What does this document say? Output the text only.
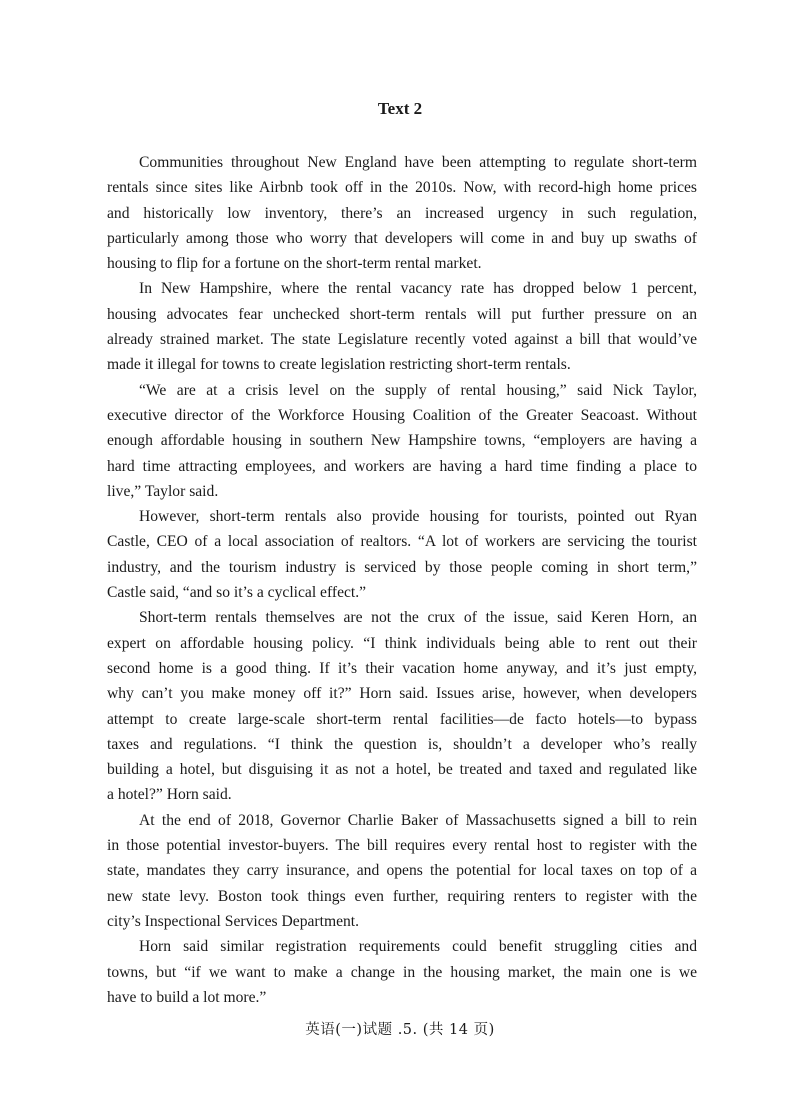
Text 2
Communities throughout New England have been attempting to regulate short-term
rentals since sites like Airbnb took off in the 2010s. Now, with record-high home prices
and historically low inventory, there’s an increased urgency in such regulation,
particularly among those who worry that developers will come in and buy up swaths of
housing to flip for a fortune on the short-term rental market.
In New Hampshire, where the rental vacancy rate has dropped below 1 percent,
housing advocates fear unchecked short-term rentals will put further pressure on an
already strained market. The state Legislature recently voted against a bill that would’ve
made it illegal for towns to create legislation restricting short-term rentals.
“We are at a crisis level on the supply of rental housing,” said Nick Taylor,
executive director of the Workforce Housing Coalition of the Greater Seacoast. Without
enough affordable housing in southern New Hampshire towns, “employers are having a
hard time attracting employees, and workers are having a hard time finding a place to
live,” Taylor said.
However, short-term rentals also provide housing for tourists, pointed out Ryan
Castle, CEO of a local association of realtors. “A lot of workers are servicing the tourist
industry, and the tourism industry is serviced by those people coming in short term,”
Castle said, “and so it’s a cyclical effect.”
Short-term rentals themselves are not the crux of the issue, said Keren Horn, an
expert on affordable housing policy. “I think individuals being able to rent out their
second home is a good thing. If it’s their vacation home anyway, and it’s just empty,
why can’t you make money off it?” Horn said. Issues arise, however, when developers
attempt to create large-scale short-term rental facilities—de facto hotels—to bypass
taxes and regulations. “I think the question is, shouldn’t a developer who’s really
building a hotel, but disguising it as not a hotel, be treated and taxed and regulated like
a hotel?” Horn said.
At the end of 2018, Governor Charlie Baker of Massachusetts signed a bill to rein
in those potential investor-buyers. The bill requires every rental host to register with the
state, mandates they carry insurance, and opens the potential for local taxes on top of a
new state levy. Boston took things even further, requiring renters to register with the
city’s Inspectional Services Department.
Horn said similar registration requirements could benefit struggling cities and
towns, but “if we want to make a change in the housing market, the main one is we
have to build a lot more.”
英语(一)试题 .5. (共 14 页)
